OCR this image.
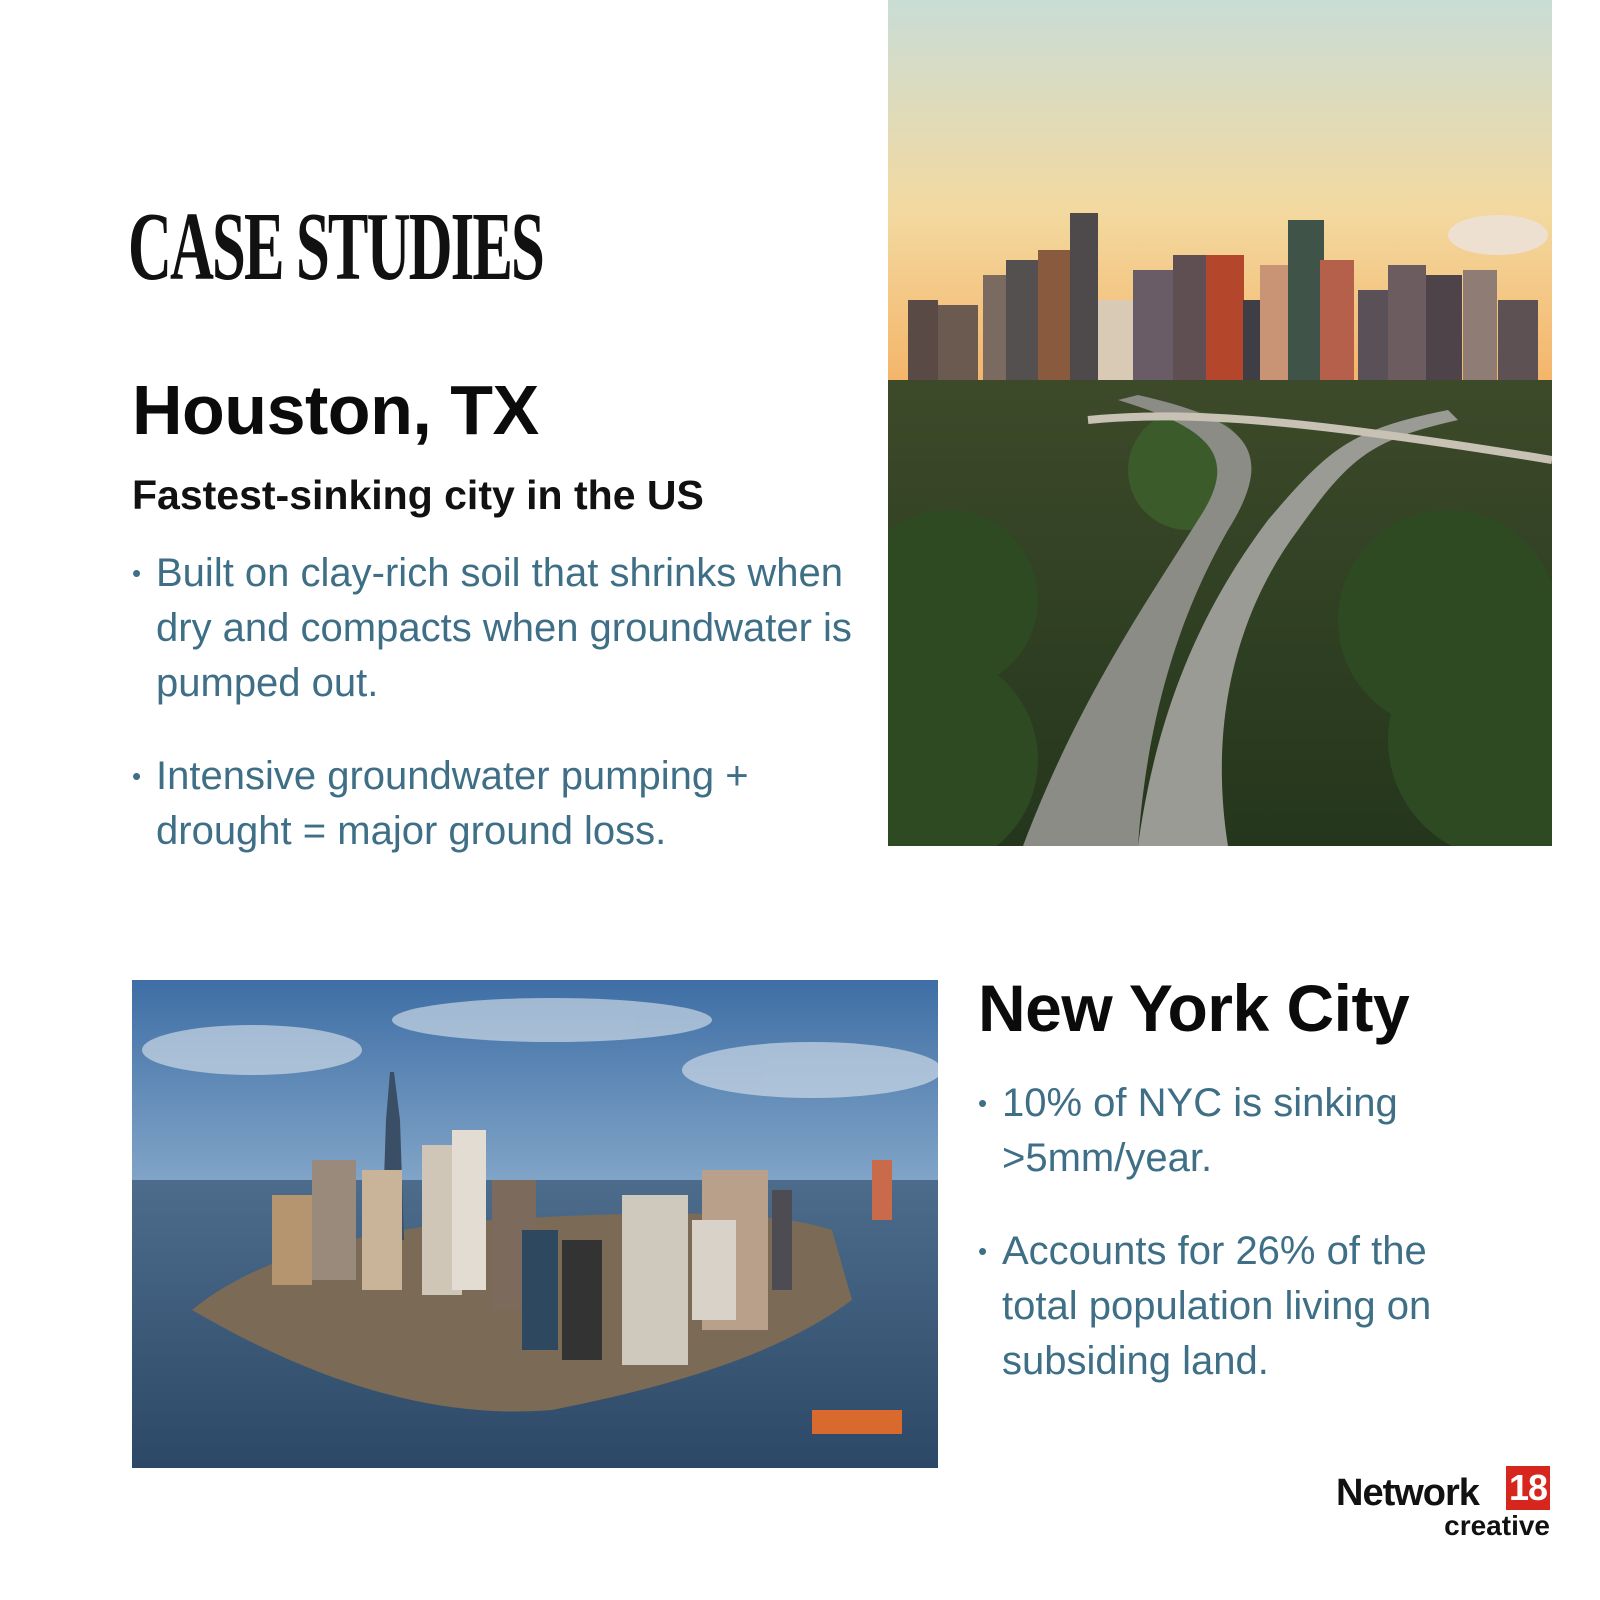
CASE STUDIES
Houston, TX
Fastest-sinking city in the US
• Built on clay-rich soil that shrinks when dry and compacts when groundwater is pumped out.
• Intensive groundwater pumping + drought = major ground loss.
New York City
• 10% of NYC is sinking >5mm/year.
• Accounts for 26% of the total population living on subsiding land.
Network 18
creative
